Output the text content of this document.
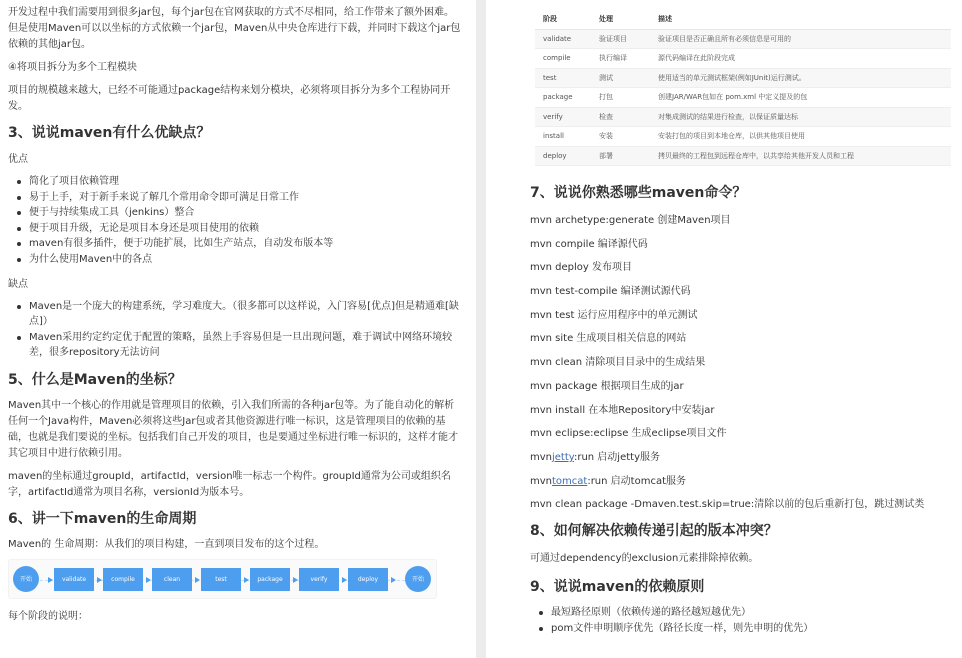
开发过程中我们需要用到很多jar包，每个jar包在官网获取的方式不尽相同，给工作带来了额外困难。但是使用Maven可以以坐标的方式依赖一个jar包，Maven从中央仓库进行下载，并同时下载这个jar包依赖的其他jar包。

④将项目拆分为多个工程模块

项目的规模越来越大，已经不可能通过package结构来划分模块，必须将项目拆分为多个工程协同开发。

3、说说maven有什么优缺点？

优点

简化了项目依赖管理
易于上手，对于新手来说了解几个常用命令即可满足日常工作
便于与持续集成工具（jenkins）整合
便于项目升级，无论是项目本身还是项目使用的依赖
maven有很多插件，便于功能扩展，比如生产站点，自动发布版本等
为什么使用Maven中的各点

缺点

Maven是一个庞大的构建系统，学习难度大。（很多都可以这样说，入门容易[优点]但是精通难[缺点]）
Maven采用约定约定优于配置的策略，虽然上手容易但是一旦出现问题，难于调试中网络环境较差，很多repository无法访问
5、什么是Maven的坐标？

Maven其中一个核心的作用就是管理项目的依赖，引入我们所需的各种jar包等。为了能自动化的解析任何一个Java构件，Maven必须将这些Jar包或者其他资源进行唯一标识，这是管理项目的依赖的基础，也就是我们要说的坐标。包括我们自己开发的项目，也是要通过坐标进行唯一标识的，这样才能才其它项目中进行依赖引用。

maven的坐标通过groupId，artifactId，version唯一标志一个构件。groupId通常为公司或组织名字，artifactId通常为项目名称，versionId为版本号。

6、讲一下maven的生命周期

Maven的 生命周期：从我们的项目构建，一直到项目发布的这个过程。

开始	validate	compile	clean	test	package	verify	deploy	开始

每个阶段的说明：

阶段	处理	描述
validate	验证项目	验证项目是否正确且所有必须信息是可用的
compile	执行编译	源代码编译在此阶段完成
test	测试	使用适当的单元测试框架(例如JUnit)运行测试。
package	打包	创建JAR/WAR包如在 pom.xml 中定义提及的包
verify	检查	对集成测试的结果进行检查，以保证质量达标
install	安装	安装打包的项目到本地仓库，以供其他项目使用
deploy	部署	拷贝最终的工程包到远程仓库中，以共享给其他开发人员和工程
7、说说你熟悉哪些maven命令？

mvn archetype:generate 创建Maven项目

mvn compile 编译源代码

mvn deploy 发布项目

mvn test-compile 编译测试源代码

mvn test 运行应用程序中的单元测试

mvn site 生成项目相关信息的网站

mvn clean 清除项目目录中的生成结果

mvn package 根据项目生成的jar

mvn install 在本地Repository中安装jar

mvn eclipse:eclipse 生成eclipse项目文件

mvnjetty:run 启动jetty服务

mvntomcat:run 启动tomcat服务

mvn clean package -Dmaven.test.skip=true:清除以前的包后重新打包，跳过测试类

8、如何解决依赖传递引起的版本冲突？

可通过dependency的exclusion元素排除掉依赖。

9、说说maven的依赖原则
最短路径原则（依赖传递的路径越短越优先）
pom文件申明顺序优先（路径长度一样，则先申明的优先）
